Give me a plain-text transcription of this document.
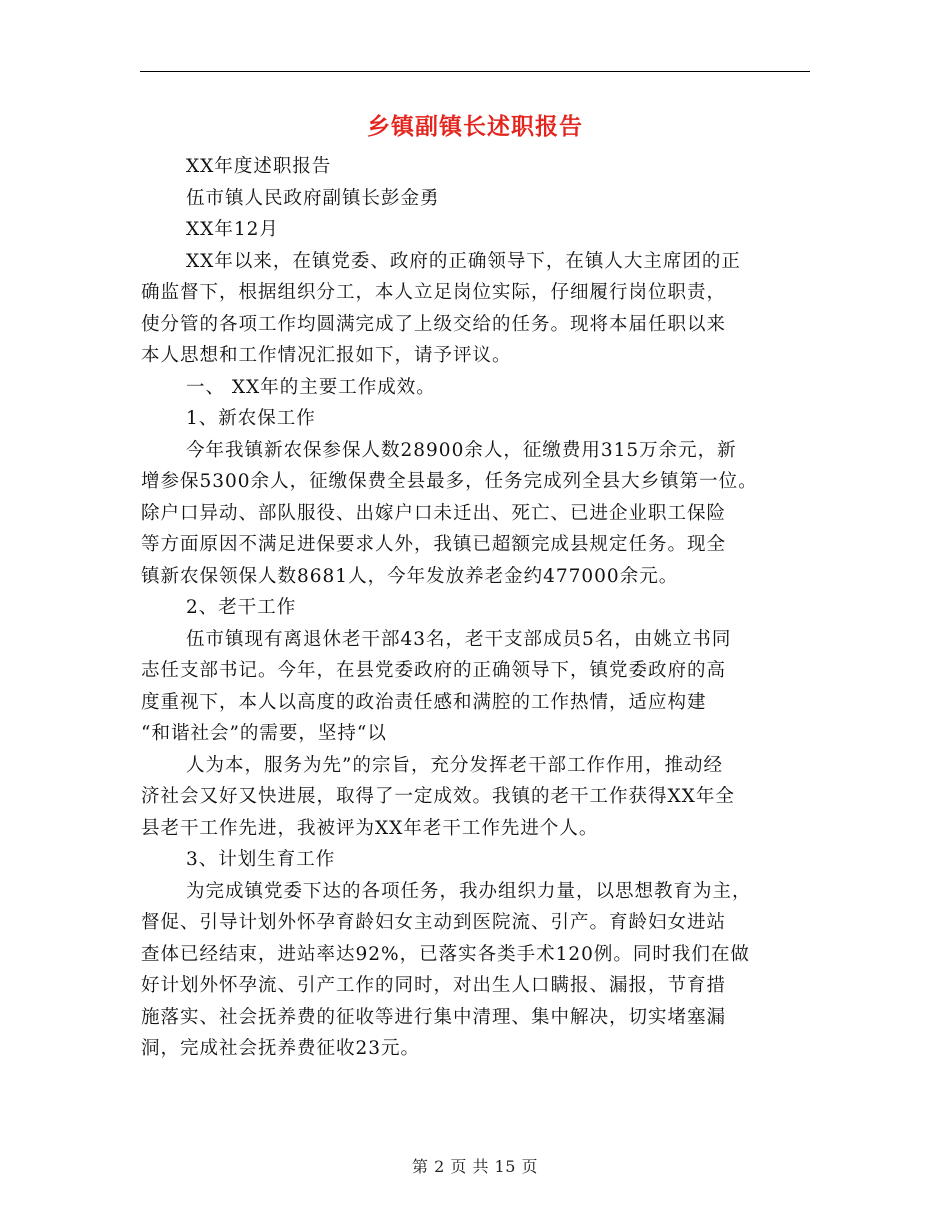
乡镇副镇长述职报告
XX年度述职报告
伍市镇人民政府副镇长彭金勇
XX年12月
XX年以来，在镇党委、政府的正确领导下，在镇人大主席团的正
确监督下，根据组织分工，本人立足岗位实际，仔细履行岗位职责，
使分管的各项工作均圆满完成了上级交给的任务。现将本届任职以来
本人思想和工作情况汇报如下，请予评议。
一、 XX年的主要工作成效。
1、新农保工作
今年我镇新农保参保人数28900余人，征缴费用315万余元，新
增参保5300余人，征缴保费全县最多，任务完成列全县大乡镇第一位。
除户口异动、部队服役、出嫁户口未迁出、死亡、已进企业职工保险
等方面原因不满足进保要求人外，我镇已超额完成县规定任务。现全
镇新农保领保人数8681人，今年发放养老金约477000余元。
2、老干工作
伍市镇现有离退休老干部43名，老干支部成员5名，由姚立书同
志任支部书记。今年，在县党委政府的正确领导下，镇党委政府的高
度重视下，本人以高度的政治责任感和满腔的工作热情，适应构建
“和谐社会”的需要，坚持“以
人为本，服务为先”的宗旨，充分发挥老干部工作作用，推动经
济社会又好又快进展，取得了一定成效。我镇的老干工作获得XX年全
县老干工作先进，我被评为XX年老干工作先进个人。
3、计划生育工作
为完成镇党委下达的各项任务，我办组织力量，以思想教育为主，
督促、引导计划外怀孕育龄妇女主动到医院流、引产。育龄妇女进站
查体已经结束，进站率达92%，已落实各类手术120例。同时我们在做
好计划外怀孕流、引产工作的同时，对出生人口瞒报、漏报，节育措
施落实、社会抚养费的征收等进行集中清理、集中解决，切实堵塞漏
洞，完成社会抚养费征收23元。
第 2 页 共 15 页
